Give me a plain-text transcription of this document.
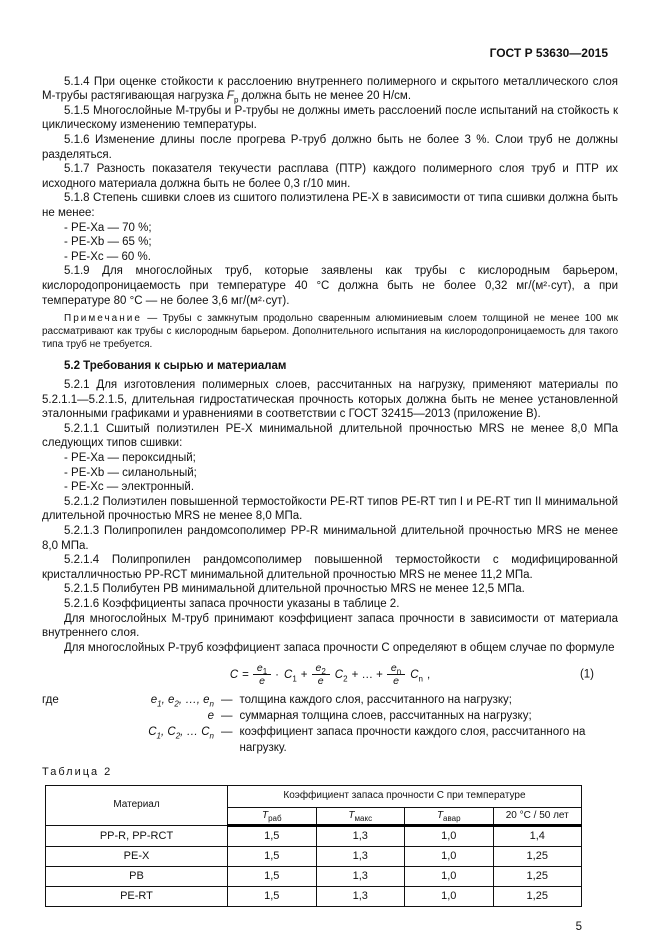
ГОСТ Р 53630—2015

5.1.4 При оценке стойкости к расслоению внутреннего полимерного и скрытого металлического слоя М-трубы растягивающая нагрузка $F_р$ должна быть не менее 20 Н/см.

5.1.5 Многослойные М-трубы и Р-трубы не должны иметь расслоений после испытаний на стойкость к циклическому изменению температуры.

5.1.6 Изменение длины после прогрева Р-труб должно быть не более 3 %. Слои труб не должны разделяться.

5.1.7 Разность показателя текучести расплава (ПТР) каждого полимерного слоя труб и ПТР их исходного материала должна быть не более 0,3 г/10 мин.

5.1.8 Степень сшивки слоев из сшитого полиэтилена РЕ-Х в зависимости от типа сшивки должна быть не менее:

- РЕ-Ха — 70 %;

- PE-Xb — 65 %;

- PE-Xc — 60 %.

5.1.9 Для многослойных труб, которые заявлены как трубы с кислородным барьером, кислородопроницаемость при температуре 40 °С должна быть не более 0,32 мг/(м²·сут), а при температуре 80 °С — не более 3,6 мг/(м²·сут).

Примечание — Трубы с замкнутым продольно сваренным алюминиевым слоем толщиной не менее 100 мк рассматривают как трубы с кислородным барьером. Дополнительного испытания на кислородопроницаемость для такого типа труб не требуется.

5.2 Требования к сырью и материалам

5.2.1 Для изготовления полимерных слоев, рассчитанных на нагрузку, применяют материалы по 5.2.1.1—5.2.1.5, длительная гидростатическая прочность которых должна быть не менее установленной эталонными графиками и уравнениями в соответствии с ГОСТ 32415—2013 (приложение В).

5.2.1.1 Сшитый полиэтилен РЕ-Х минимальной длительной прочностью MRS не менее 8,0 МПа следующих типов сшивки:

- РЕ-Ха — пероксидный;

- PE-Xb — силанольный;

- PE-Xc — электронный.

5.2.1.2 Полиэтилен повышенной термостойкости PE-RT типов PE-RT тип I и PE-RT тип II минимальной длительной прочностью MRS не менее 8,0 МПа.

5.2.1.3 Полипропилен рандомсополимер PP-R минимальной длительной прочностью MRS не менее 8,0 МПа.

5.2.1.4 Полипропилен рандомсополимер повышенной термостойкости с модифицированной кристалличностью PP-RCT минимальной длительной прочностью MRS не менее 11,2 МПа.

5.2.1.5 Полибутен РВ минимальной длительной прочностью MRS не менее 12,5 МПа.

5.2.1.6 Коэффициенты запаса прочности указаны в таблице 2.

Для многослойных М-труб принимают коэффициент запаса прочности в зависимости от материала внутреннего слоя.

Для многослойных Р-труб коэффициент запаса прочности С определяют в общем случае по формуле

$C = \frac{e_1}{e} \cdot C_1 + \frac{e_2}{e} C_2$ + … + $\frac{e_n}{e} C_n$ ,	(1)
где	$e_1$, $e_2$, …, $e_n$ — толщина каждого слоя, рассчитанного на нагрузку;
e — суммарная толщина слоев, рассчитанных на нагрузку;
$C_1$, $C_2$, … $C_n$ — коэффициент запаса прочности каждого слоя, рассчитанного на нагрузку.

Таблица 2

Материал	Коэффициент запаса прочности С при температуре			
	$Т_{раб}$	$Т_{макс}$	$Т_{авар}$	20 °С / 50 лет
PP-R, PP-RCT	1,5	1,3	1,0	1,4
PE-X	1,5	1,3	1,0	1,25
PB	1,5	1,3	1,0	1,25
PE-RT	1,5	1,3	1,0	1,25
5
